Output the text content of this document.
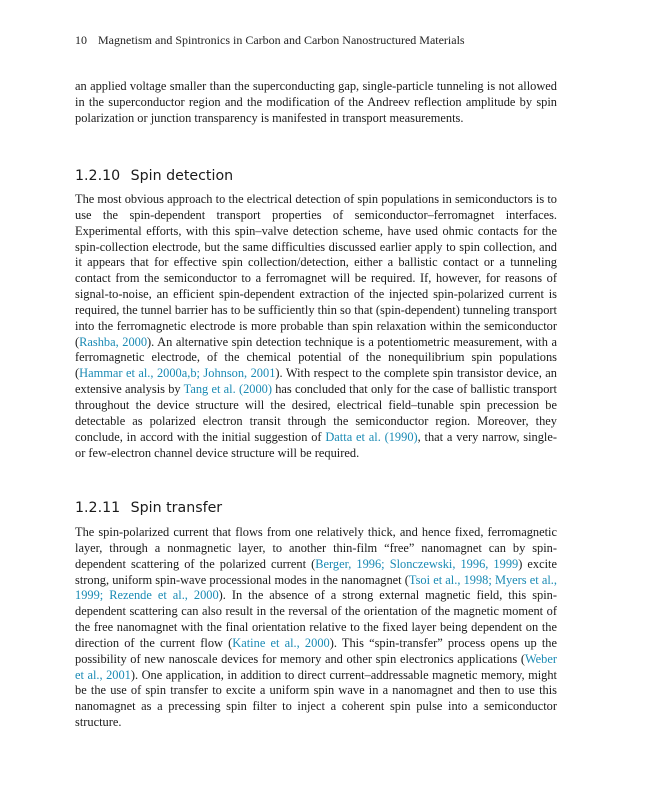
10 Magnetism and Spintronics in Carbon and Carbon Nanostructured Materials

an applied voltage smaller than the superconducting gap, single-particle tunneling is not allowed in the superconductor region and the modification of the Andreev reflection amplitude by spin polarization or junction transparency is manifested in transport measurements.

1.2.10 Spin detection

The most obvious approach to the electrical detection of spin populations in semiconductors is to use the spin-dependent transport properties of semiconductor–ferromagnet interfaces. Experimental efforts, with this spin–valve detection scheme, have used ohmic contacts for the spin-collection electrode, but the same difficulties discussed earlier apply to spin collection, and it appears that for effective spin collection/detection, either a ballistic contact or a tunneling contact from the semiconductor to a ferromagnet will be required. If, however, for reasons of signal-to-noise, an efficient spin-dependent extraction of the injected spin-polarized current is required, the tunnel barrier has to be sufficiently thin so that (spin-dependent) tunneling transport into the ferromagnetic electrode is more probable than spin relaxation within the semiconductor (Rashba, 2000). An alternative spin detection technique is a potentiometric measurement, with a ferromagnetic electrode, of the chemical potential of the nonequilibrium spin populations (Hammar et al., 2000a,b; Johnson, 2001). With respect to the complete spin transistor device, an extensive analysis by Tang et al. (2000) has concluded that only for the case of ballistic transport throughout the device structure will the desired, electrical field–tunable spin precession be detectable as polarized electron transit through the semiconductor region. Moreover, they conclude, in accord with the initial suggestion of Datta et al. (1990), that a very narrow, single- or few-electron channel device structure will be required.

1.2.11 Spin transfer

The spin-polarized current that flows from one relatively thick, and hence fixed, ferromagnetic layer, through a nonmagnetic layer, to another thin-film “free” nanomagnet can by spin-dependent scattering of the polarized current (Berger, 1996; Slonczewski, 1996, 1999) excite strong, uniform spin-wave processional modes in the nanomagnet (Tsoi et al., 1998; Myers et al., 1999; Rezende et al., 2000). In the absence of a strong external magnetic field, this spin-dependent scattering can also result in the reversal of the orientation of the magnetic moment of the free nanomagnet with the final orientation relative to the fixed layer being dependent on the direction of the current flow (Katine et al., 2000). This “spin-transfer” process opens up the possibility of new nanoscale devices for memory and other spin electronics applications (Weber et al., 2001). One application, in addition to direct current–addressable magnetic memory, might be the use of spin transfer to excite a uniform spin wave in a nanomagnet and then to use this nanomagnet as a precessing spin filter to inject a coherent spin pulse into a semiconductor structure.
